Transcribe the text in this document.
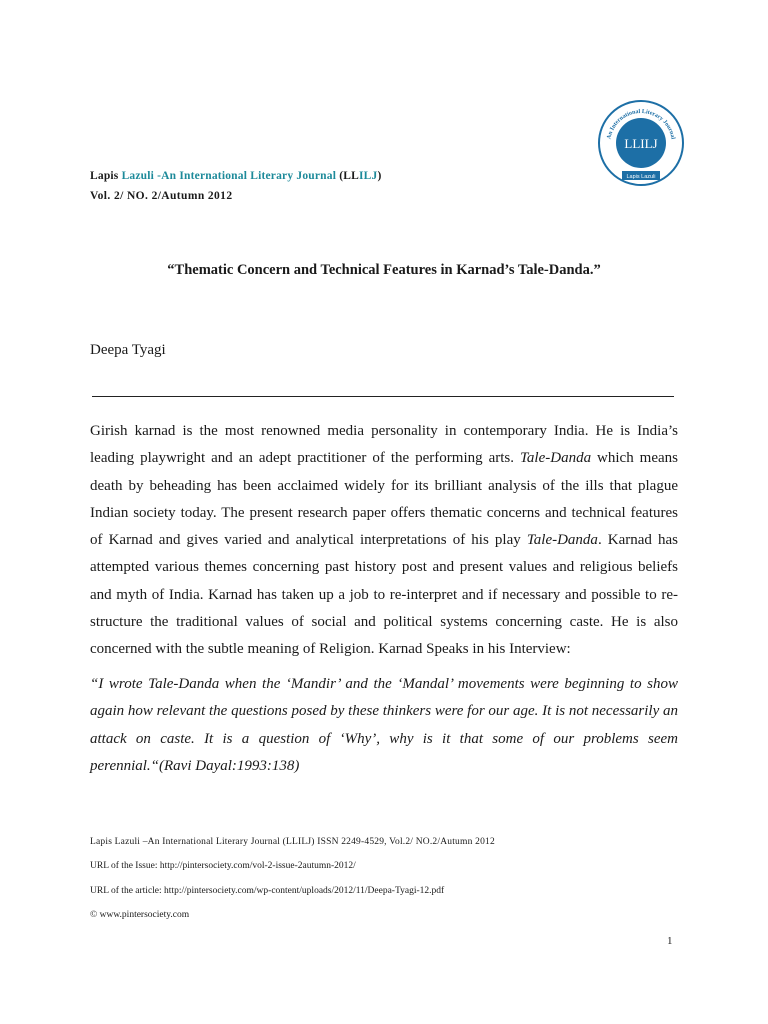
Lapis Lazuli -An International Literary Journal (LLILJ)
Vol. 2/ NO. 2/Autumn 2012
An International Literary Journal
LLILJ
Lapis Lazuli
“Thematic Concern and Technical Features in Karnad’s Tale-Danda.”
Deepa Tyagi

Girish karnad is the most renowned media personality in contemporary India. He is India’s leading playwright and an adept practitioner of the performing arts. Tale-Danda which means death by beheading has been acclaimed widely for its brilliant analysis of the ills that plague Indian society today. The present research paper offers thematic concerns and technical features of Karnad and gives varied and analytical interpretations of his play Tale-Danda. Karnad has attempted various themes concerning past history post and present values and religious beliefs and myth of India. Karnad has taken up a job to re-interpret and if necessary and possible to re-structure the traditional values of social and political systems concerning caste. He is also concerned with the subtle meaning of Religion. Karnad Speaks in his Interview:

“I wrote Tale-Danda when the ‘Mandir’ and the ‘Mandal’ movements were beginning to show again how relevant the questions posed by these thinkers were for our age. It is not necessarily an attack on caste. It is a question of ‘Why’, why is it that some of our problems seem perennial.“(Ravi Dayal:1993:138)
Lapis Lazuli –An International Literary Journal (LLILJ) ISSN 2249-4529, Vol.2/ NO.2/Autumn 2012
URL of the Issue: http://pintersociety.com/vol-2-issue-2autumn-2012/
URL of the article: http://pintersociety.com/wp-content/uploads/2012/11/Deepa-Tyagi-12.pdf
© www.pintersociety.com
1
